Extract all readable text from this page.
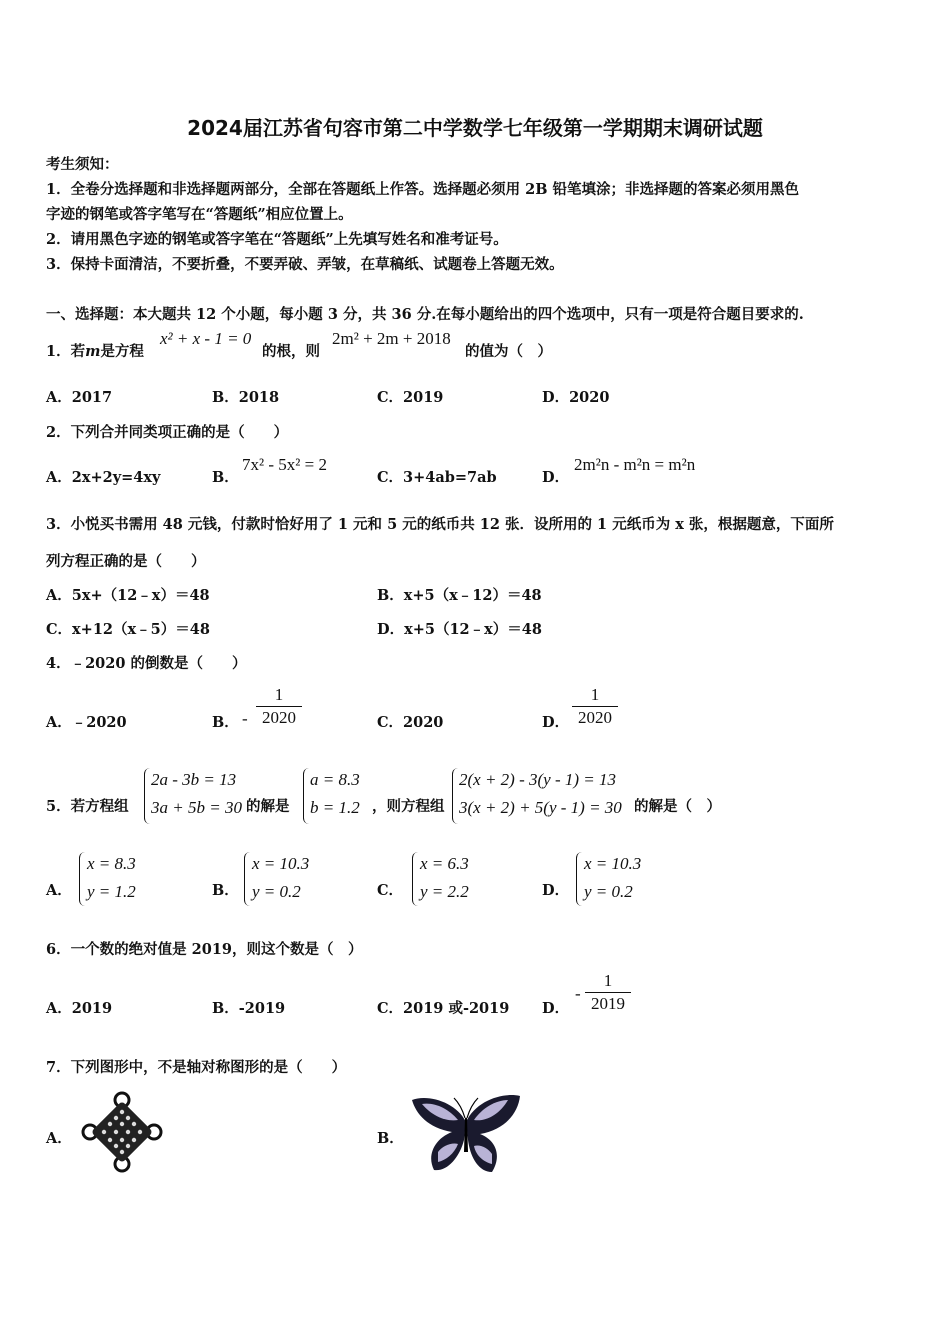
2024届江苏省句容市第二中学数学七年级第一学期期末调研试题
考生须知：
1．全卷分选择题和非选择题两部分，全部在答题纸上作答。选择题必须用 2B 铅笔填涂；非选择题的答案必须用黑色
字迹的钢笔或答字笔写在“答题纸”相应位置上。
2．请用黑色字迹的钢笔或答字笔在“答题纸”上先填写姓名和准考证号。
3．保持卡面清洁，不要折叠，不要弄破、弄皱，在草稿纸、试题卷上答题无效。
一、选择题：本大题共 12 个小题，每小题 3 分，共 36 分.在每小题给出的四个选项中，只有一项是符合题目要求的.
1．若m是方程
x² + x - 1 = 0
的根，则
2m² + 2m + 2018
的值为（　）
A．2017	B．2018	C．2019	D．2020
2．下列合并同类项正确的是（　　）
A．2x+2y=4xy	B．
7x² - 5x² = 2
C．3+4ab=7ab	D．
2m²n - m²n = m²n
3．小悦买书需用 48 元钱，付款时恰好用了 1 元和 5 元的纸币共 12 张．设所用的 1 元纸币为 x 张，根据题意，下面所
列方程正确的是（　　）
A．5x+（12﹣x）＝48	B．x+5（x﹣12）＝48
C．x+12（x﹣5）＝48	D．x+5（12﹣x）＝48
4．﹣2020 的倒数是（　　）
A．﹣2020	B． - $\frac{1}{2020}$	C．2020	D． $\frac{1}{2020}$
5．若方程组
2a - 3b = 13
3a + 5b = 30 的解是
a = 8.3
b = 1.2 ，则方程组
2(x + 2) - 3(y - 1) = 13
3(x + 2) + 5(y - 1) = 30 的解是（　）
A．
x = 8.3
y = 1.2	B．
x = 10.3
y = 0.2	C．
x = 6.3
y = 2.2	D．
x = 10.3
y = 0.2
6．一个数的绝对值是 2019，则这个数是（　）
A．2019	B．-2019	C．2019 或-2019 D．
- $\frac{1}{2019}$
7．下列图形中，不是轴对称图形的是（　　）
A．	B．
